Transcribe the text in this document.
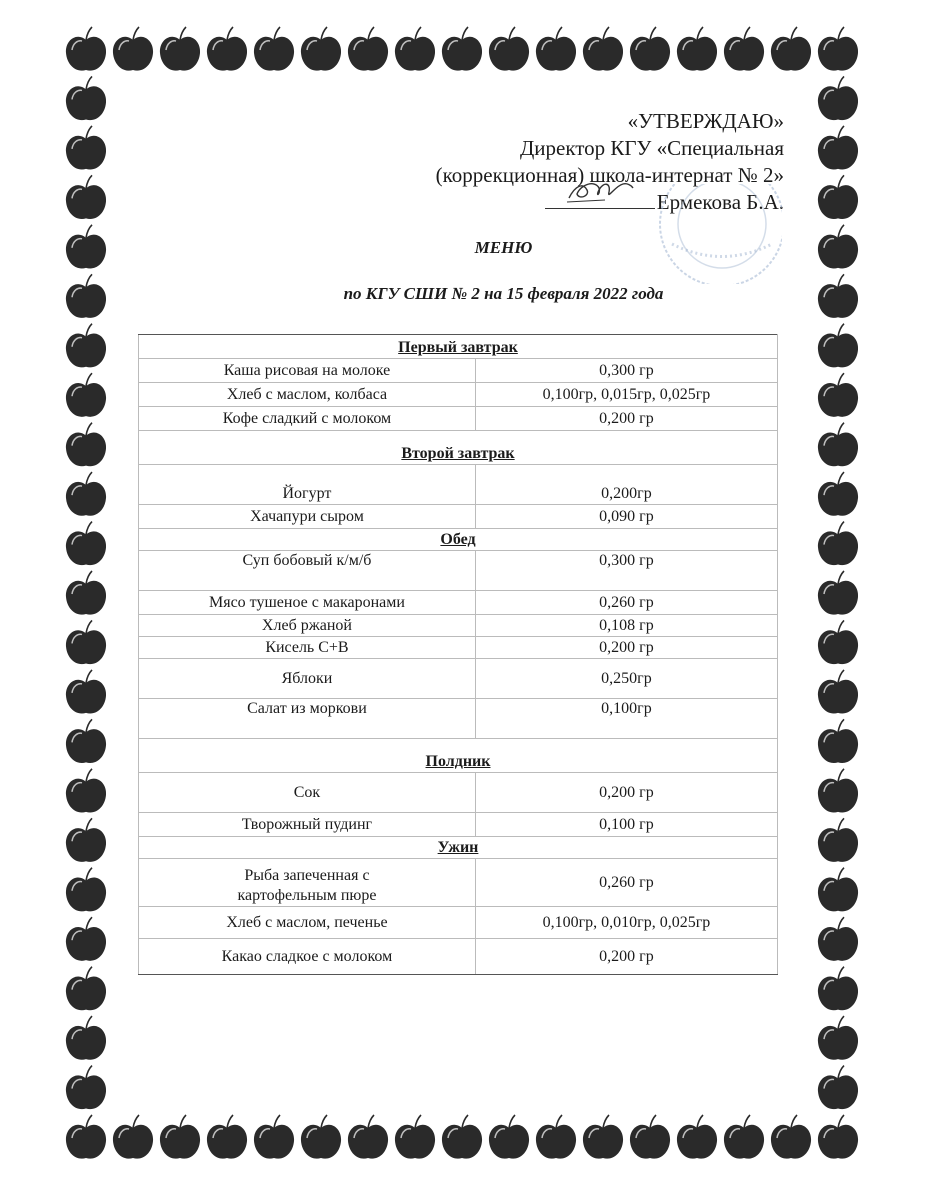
«УТВЕРЖДАЮ»
Директор КГУ «Специальная
(коррекционная) школа-интернат № 2»
Ермекова Б.А.
МЕНЮ
по КГУ СШИ № 2 на 15 февраля 2022 года
Первый завтрак	
Каша рисовая на молоке	0,300 гр
Хлеб с маслом, колбаса	0,100гр, 0,015гр, 0,025гр
Кофе сладкий с молоком	0,200 гр
Второй завтрак	
Йогурт	0,200гр
Хачапури сыром	0,090 гр
Обед	
Суп бобовый к/м/б	0,300 гр
Мясо тушеное с макаронами	0,260 гр
Хлеб ржаной	0,108 гр
Кисель С+В	0,200 гр
Яблоки	0,250гр
Салат из моркови	0,100гр
Полдник	
Сок	0,200 гр
Творожный пудинг	0,100 гр
Ужин	

Рыба запеченная с картофельным пюре	0,260 гр
Хлеб с маслом, печенье	0,100гр, 0,010гр, 0,025гр
Какао сладкое с молоком	0,200 гр
